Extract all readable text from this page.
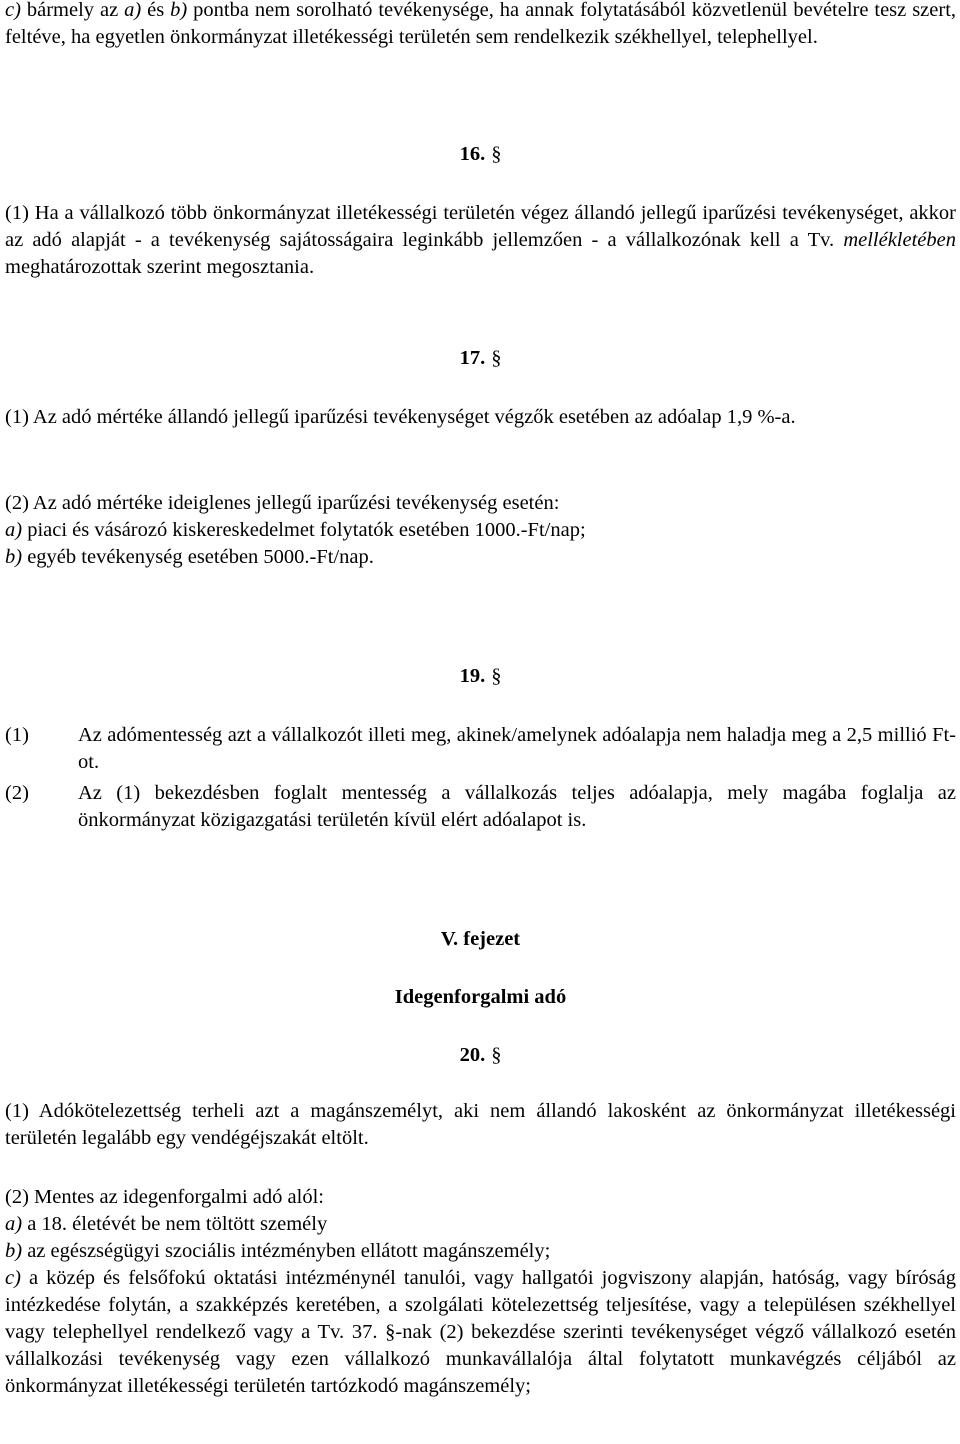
c) bármely az a) és b) pontba nem sorolható tevékenysége, ha annak folytatásából közvetlenül bevételre tesz szert, feltéve, ha egyetlen önkormányzat illetékességi területén sem rendelkezik székhellyel, telephellyel.

16. §

(1) Ha a vállalkozó több önkormányzat illetékességi területén végez állandó jellegű iparűzési tevékenységet, akkor az adó alapját - a tevékenység sajátosságaira leginkább jellemzően - a vállalkozónak kell a Tv. mellékletében meghatározottak szerint megosztania.

17. §

(1) Az adó mértéke állandó jellegű iparűzési tevékenységet végzők esetében az adóalap 1,9 %-a.

(2) Az adó mértéke ideiglenes jellegű iparűzési tevékenység esetén:

a) piaci és vásározó kiskereskedelmet folytatók esetében 1000.-Ft/nap;

b) egyéb tevékenység esetében 5000.-Ft/nap.

19. §

(1)	Az adómentesség azt a vállalkozót illeti meg, akinek/amelynek adóalapja nem haladja meg a 2,5 millió Ft-ot.
(2)	Az (1) bekezdésben foglalt mentesség a vállalkozás teljes adóalapja, mely magába foglalja az önkormányzat közigazgatási területén kívül elért adóalapot is.

V. fejezet

Idegenforgalmi adó

20. §

(1) Adókötelezettség terheli azt a magánszemélyt, aki nem állandó lakosként az önkormányzat illetékességi területén legalább egy vendégéjszakát eltölt.

(2) Mentes az idegenforgalmi adó alól:

a) a 18. életévét be nem töltött személy

b) az egészségügyi szociális intézményben ellátott magánszemély;

c) a közép és felsőfokú oktatási intézménynél tanulói, vagy hallgatói jogviszony alapján, hatóság, vagy bíróság intézkedése folytán, a szakképzés keretében, a szolgálati kötelezettség teljesítése, vagy a településen székhellyel vagy telephellyel rendelkező vagy a Tv. 37. §-nak (2) bekezdése szerinti tevékenységet végző vállalkozó esetén vállalkozási tevékenység vagy ezen vállalkozó munkavállalója által folytatott munkavégzés céljából az önkormányzat illetékességi területén tartózkodó magánszemély;
